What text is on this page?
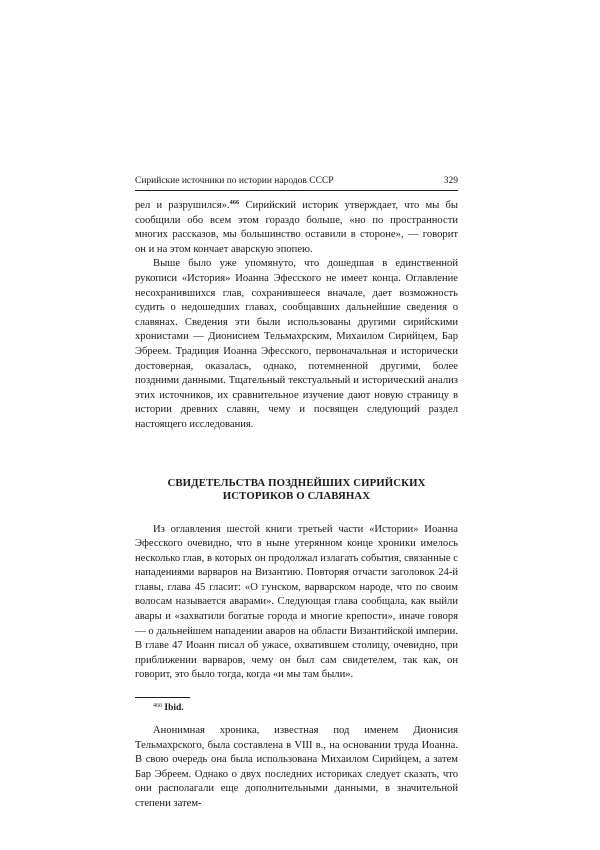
Сирийские источники по истории народов СССР	329

рел и разрушился».$^{466}$ Сирийский историк утверждает, что мы бы сообщили обо всем этом гораздо больше, «но по пространности многих рассказов, мы большинство оставили в стороне», — говорит он и на этом кончает аварскую эпопею.

Выше было уже упомянуто, что дошедшая в единственной рукописи «История» Иоанна Эфесского не имеет конца. Оглавление несохранившихся глав, сохранившееся вначале, дает возможность судить о недошедших главах, сообщавших дальнейшие сведения о славянах. Сведения эти были использованы другими сирийскими хронистами — Дионисием Тельмахрским, Михаилом Сирийцем, Бар Эбреем. Традиция Иоанна Эфесского, первоначальная и исторически достоверная, оказалась, однако, потемненной другими, более поздними данными. Тщательный текстуальный и исторический анализ этих источников, их сравнительное изучение дают новую страницу в истории древних славян, чему и посвящен следующий раздел настоящего исследования.

СВИДЕТЕЛЬСТВА ПОЗДНЕЙШИХ СИРИЙСКИХ
ИСТОРИКОВ О СЛАВЯНАХ

Из оглавления шестой книги третьей части «Истории» Иоанна Эфесского очевидно, что в ныне утерянном конце хроники имелось несколько глав, в которых он продолжал излагать события, связанные с нападениями варваров на Византию. Повторяя отчасти заголовок 24-й главы, глава 45 гласит: «О гунском, варварском народе, что по своим волосам называется аварами». Следующая глава сообщала, как выйли авары и «захватили богатые города и многие крепости», иначе говоря — о дальнейшем нападении аваров на области Византийской империи. В главе 47 Иоанн писал об ужасе, охватившем столицу, очевидно, при приближении варваров, чему он был сам свидетелем, так как, он говорит, это было тогда, когда «и мы там были».

$^{466}$ Ibid.

Анонимная хроника, известная под именем Дионисия Тельмахрского, была составлена в VIII в., на основании труда Иоанна. В свою очередь она была использована Михаилом Сирийцем, а затем Бар Эбреем. Однако о двух последних историках следует сказать, что они располагали еще дополнительными данными, в значительной степени затем-
